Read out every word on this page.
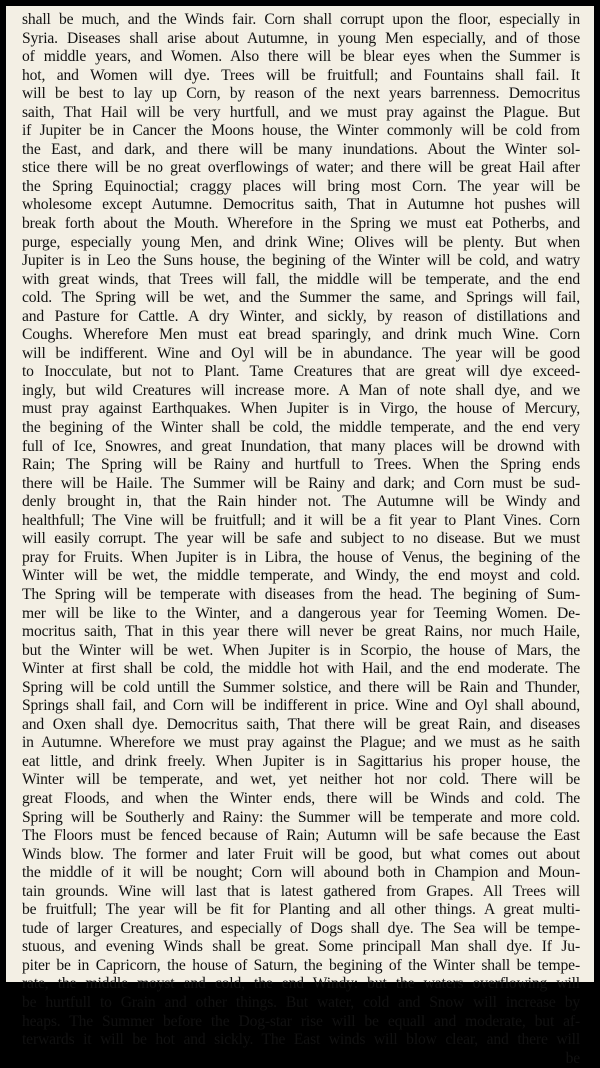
shall be much, and the Winds fair. Corn shall corrupt upon the floor, especially in
Syria. Diseases shall arise about Autumne, in young Men especially, and of those
of middle years, and Women. Also there will be blear eyes when the Summer is
hot, and Women will dye. Trees will be fruitfull; and Fountains shall fail. It
will be best to lay up Corn, by reason of the next years barrenness. Democritus
saith, That Hail will be very hurtfull, and we must pray against the Plague. But
if Jupiter be in Cancer the Moons house, the Winter commonly will be cold from
the East, and dark, and there will be many inundations. About the Winter sol-
stice there will be no great overflowings of water; and there will be great Hail after
the Spring Equinoctial; craggy places will bring most Corn. The year will be
wholesome except Autumne. Democritus saith, That in Autumne hot pushes will
break forth about the Mouth. Wherefore in the Spring we must eat Potherbs, and
purge, especially young Men, and drink Wine; Olives will be plenty. But when
Jupiter is in Leo the Suns house, the begining of the Winter will be cold, and watry
with great winds, that Trees will fall, the middle will be temperate, and the end
cold. The Spring will be wet, and the Summer the same, and Springs will fail,
and Pasture for Cattle. A dry Winter, and sickly, by reason of distillations and
Coughs. Wherefore Men must eat bread sparingly, and drink much Wine. Corn
will be indifferent. Wine and Oyl will be in abundance. The year will be good
to Inocculate, but not to Plant. Tame Creatures that are great will dye exceed-
ingly, but wild Creatures will increase more. A Man of note shall dye, and we
must pray against Earthquakes. When Jupiter is in Virgo, the house of Mercury,
the begining of the Winter shall be cold, the middle temperate, and the end very
full of Ice, Snowres, and great Inundation, that many places will be drownd with
Rain; The Spring will be Rainy and hurtfull to Trees. When the Spring ends
there will be Haile. The Summer will be Rainy and dark; and Corn must be sud-
denly brought in, that the Rain hinder not. The Autumne will be Windy and
healthfull; The Vine will be fruitfull; and it will be a fit year to Plant Vines. Corn
will easily corrupt. The year will be safe and subject to no disease. But we must
pray for Fruits. When Jupiter is in Libra, the house of Venus, the begining of the
Winter will be wet, the middle temperate, and Windy, the end moyst and cold.
The Spring will be temperate with diseases from the head. The begining of Sum-
mer will be like to the Winter, and a dangerous year for Teeming Women. De-
mocritus saith, That in this year there will never be great Rains, nor much Haile,
but the Winter will be wet. When Jupiter is in Scorpio, the house of Mars, the
Winter at first shall be cold, the middle hot with Hail, and the end moderate. The
Spring will be cold untill the Summer solstice, and there will be Rain and Thunder,
Springs shall fail, and Corn will be indifferent in price. Wine and Oyl shall abound,
and Oxen shall dye. Democritus saith, That there will be great Rain, and diseases
in Autumne. Wherefore we must pray against the Plague; and we must as he saith
eat little, and drink freely. When Jupiter is in Sagittarius his proper house, the
Winter will be temperate, and wet, yet neither hot nor cold. There will be
great Floods, and when the Winter ends, there will be Winds and cold. The
Spring will be Southerly and Rainy: the Summer will be temperate and more cold.
The Floors must be fenced because of Rain; Autumn will be safe because the East
Winds blow. The former and later Fruit will be good, but what comes out about
the middle of it will be nought; Corn will abound both in Champion and Moun-
tain grounds. Wine will last that is latest gathered from Grapes. All Trees will
be fruitfull; The year will be fit for Planting and all other things. A great multi-
tude of larger Creatures, and especially of Dogs shall dye. The Sea will be tempe-
stuous, and evening Winds shall be great. Some principall Man shall dye. If Ju-
piter be in Capricorn, the house of Saturn, the begining of the Winter shall be tempe-
rate, the middle moyst and cold, the end Windy: but the waters overflowing will
be hurtfull to Grain and other things. But water, cold and Snow will increase by
heaps. The Summer before the Dog-star rise will be equall and moderate, but af-
terwards it will be hot and sickly. The East winds will blow clear, and there will
be
